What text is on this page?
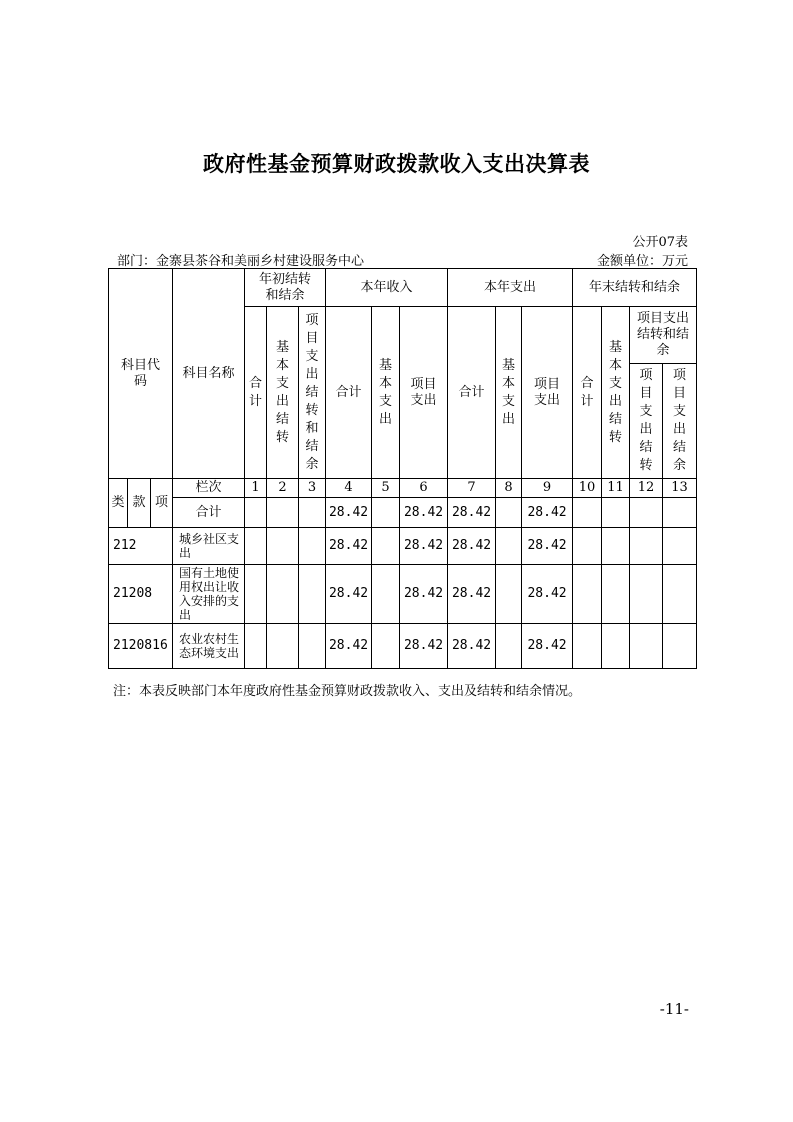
政府性基金预算财政拨款收入支出决算表
公开07表
部门：金寨县茶谷和美丽乡村建设服务中心	金额单位：万元
科目代码			科目名称	年初结转和结余			本年收入			本年支出			年末结转和结余			

				合计	基本支出结转	项目支出结转和结余	合计	基本支出	项目支出	合计	基本支出	项目支出	合计	基本支出结转	项目支出结转和结余	

															项目支出结转	项目支出结余

类	款	项	栏次	1	2	3	4	5	6	7	8	9	10	11	12	13
			合计				28.42		28.42	28.42		28.42				
212			城乡社区支出				28.42		28.42	28.42		28.42				
21208			国有土地使用权出让收入安排的支出				28.42		28.42	28.42		28.42				
2120816			农业农村生态环境支出				28.42		28.42	28.42		28.42				
注：本表反映部门本年度政府性基金预算财政拨款收入、支出及结转和结余情况。
-11-
